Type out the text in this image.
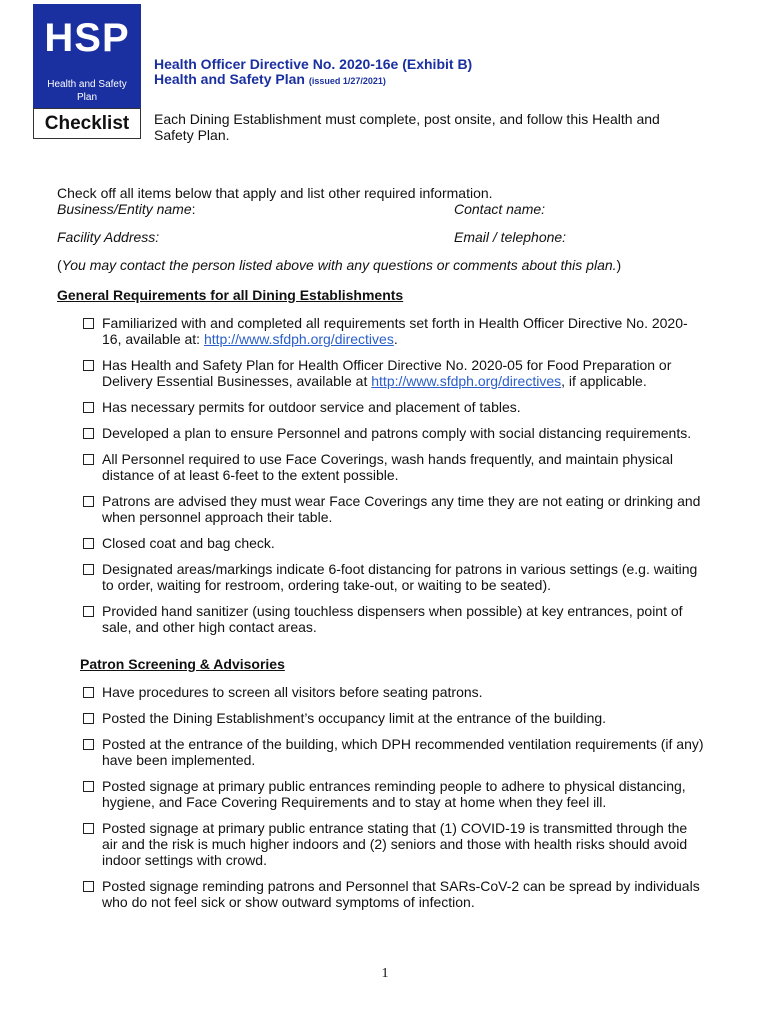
HSP
Health and Safety
Plan
Checklist
Health Officer Directive No. 2020-16e (Exhibit B)
Health and Safety Plan (issued 1/27/2021)
Each Dining Establishment must complete, post onsite, and follow this Health and Safety Plan.
Check off all items below that apply and list other required information.
Business/Entity name:	Contact name:
Facility Address:	Email / telephone:
(You may contact the person listed above with any questions or comments about this plan.)
General Requirements for all Dining Establishments
Familiarized with and completed all requirements set forth in Health Officer Directive No. 2020-16, available at: http://www.sfdph.org/directives.
Has Health and Safety Plan for Health Officer Directive No. 2020-05 for Food Preparation or Delivery Essential Businesses, available at http://www.sfdph.org/directives, if applicable.
Has necessary permits for outdoor service and placement of tables.
Developed a plan to ensure Personnel and patrons comply with social distancing requirements.
All Personnel required to use Face Coverings, wash hands frequently, and maintain physical distance of at least 6-feet to the extent possible.
Patrons are advised they must wear Face Coverings any time they are not eating or drinking and when personnel approach their table.
Closed coat and bag check.
Designated areas/markings indicate 6-foot distancing for patrons in various settings (e.g. waiting to order, waiting for restroom, ordering take-out, or waiting to be seated).
Provided hand sanitizer (using touchless dispensers when possible) at key entrances, point of sale, and other high contact areas.
Patron Screening & Advisories
Have procedures to screen all visitors before seating patrons.
Posted the Dining Establishment’s occupancy limit at the entrance of the building.
Posted at the entrance of the building, which DPH recommended ventilation requirements (if any) have been implemented.
Posted signage at primary public entrances reminding people to adhere to physical distancing, hygiene, and Face Covering Requirements and to stay at home when they feel ill.
Posted signage at primary public entrance stating that (1) COVID-19 is transmitted through the air and the risk is much higher indoors and (2) seniors and those with health risks should avoid indoor settings with crowd.
Posted signage reminding patrons and Personnel that SARs-CoV-2 can be spread by individuals who do not feel sick or show outward symptoms of infection.
1
